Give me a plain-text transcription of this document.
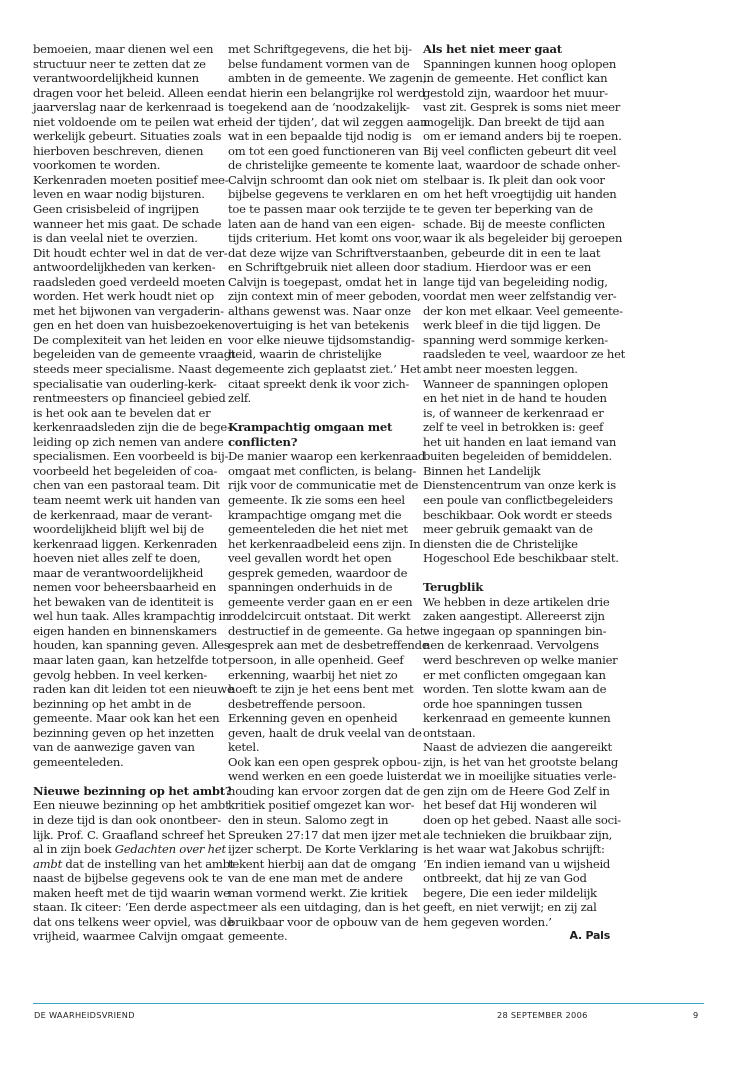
bemoeien, maar dienen wel een
structuur neer te zetten dat ze
verantwoordelijkheid kunnen
dragen voor het beleid. Alleen een
jaarverslag naar de kerkenraad is
niet voldoende om te peilen wat er
werkelijk gebeurt. Situaties zoals
hierboven beschreven, dienen
voorkomen te worden.
Kerkenraden moeten positief mee-
leven en waar nodig bijsturen.
Geen crisisbeleid of ingrijpen
wanneer het mis gaat. De schade
is dan veelal niet te overzien.
Dit houdt echter wel in dat de ver-
antwoordelijkheden van kerken-
raadsleden goed verdeeld moeten
worden. Het werk houdt niet op
met het bijwonen van vergaderin-
gen en het doen van huisbezoeken.
De complexiteit van het leiden en
begeleiden van de gemeente vraagt
steeds meer specialisme. Naast de
specialisatie van ouderling-kerk-
rentmeesters op financieel gebied
is het ook aan te bevelen dat er
kerkenraadsleden zijn die de bege-
leiding op zich nemen van andere
specialismen. Een voorbeeld is bij-
voorbeeld het begeleiden of coa-
chen van een pastoraal team. Dit
team neemt werk uit handen van
de kerkenraad, maar de verant-
woordelijkheid blijft wel bij de
kerkenraad liggen. Kerkenraden
hoeven niet alles zelf te doen,
maar de verantwoordelijkheid
nemen voor beheersbaarheid en
het bewaken van de identiteit is
wel hun taak. Alles krampachtig in
eigen handen en binnenskamers
houden, kan spanning geven. Alles
maar laten gaan, kan hetzelfde tot
gevolg hebben. In veel kerken-
raden kan dit leiden tot een nieuwe
bezinning op het ambt in de
gemeente. Maar ook kan het een
bezinning geven op het inzetten
van de aanwezige gaven van
gemeenteleden.
Nieuwe bezinning op het ambt?
Een nieuwe bezinning op het ambt
in deze tijd is dan ook onontbeer-
lijk. Prof. C. Graafland schreef het
al in zijn boek Gedachten over het
ambt dat de instelling van het ambt
naast de bijbelse gegevens ook te
maken heeft met de tijd waarin we
staan. Ik citeer: ‘Een derde aspect
dat ons telkens weer opviel, was de
vrijheid, waarmee Calvijn omgaat
met Schriftgegevens, die het bij-
belse fundament vormen van de
ambten in de gemeente. We zagen,
dat hierin een belangrijke rol werd
toegekend aan de ‘noodzakelijk-
heid der tijden’, dat wil zeggen aan
wat in een bepaalde tijd nodig is
om tot een goed functioneren van
de christelijke gemeente te komen.
Calvijn schroomt dan ook niet om
bijbelse gegevens te verklaren en
toe te passen maar ook terzijde te
laten aan de hand van een eigen-
tijds criterium. Het komt ons voor,
dat deze wijze van Schriftverstaan
en Schriftgebruik niet alleen door
Calvijn is toegepast, omdat het in
zijn context min of meer geboden,
althans gewenst was. Naar onze
overtuiging is het van betekenis
voor elke nieuwe tijdsomstandig-
heid, waarin de christelijke
gemeente zich geplaatst ziet.’ Het
citaat spreekt denk ik voor zich-
zelf.
Krampachtig omgaan met
conflicten?
De manier waarop een kerkenraad
omgaat met conflicten, is belang-
rijk voor de communicatie met de
gemeente. Ik zie soms een heel
krampachtige omgang met die
gemeenteleden die het niet met
het kerkenraadbeleid eens zijn. In
veel gevallen wordt het open
gesprek gemeden, waardoor de
spanningen onderhuids in de
gemeente verder gaan en er een
roddelcircuit ontstaat. Dit werkt
destructief in de gemeente. Ga het
gesprek aan met de desbetreffende
persoon, in alle openheid. Geef
erkenning, waarbij het niet zo
hoeft te zijn je het eens bent met
desbetreffende persoon.
Erkenning geven en openheid
geven, haalt de druk veelal van de
ketel.
Ook kan een open gesprek opbou-
wend werken en een goede luister-
houding kan ervoor zorgen dat de
kritiek positief omgezet kan wor-
den in steun. Salomo zegt in
Spreuken 27:17 dat men ijzer met
ijzer scherpt. De Korte Verklaring
tekent hierbij aan dat de omgang
van de ene man met de andere
man vormend werkt. Zie kritiek
meer als een uitdaging, dan is het
bruikbaar voor de opbouw van de
gemeente.
Als het niet meer gaat
Spanningen kunnen hoog oplopen
in de gemeente. Het conflict kan
gestold zijn, waardoor het muur-
vast zit. Gesprek is soms niet meer
mogelijk. Dan breekt de tijd aan
om er iemand anders bij te roepen.
Bij veel conflicten gebeurt dit veel
te laat, waardoor de schade onher-
stelbaar is. Ik pleit dan ook voor
om het heft vroegtijdig uit handen
te geven ter beperking van de
schade. Bij de meeste conflicten
waar ik als begeleider bij geroepen
ben, gebeurde dit in een te laat
stadium. Hierdoor was er een
lange tijd van begeleiding nodig,
voordat men weer zelfstandig ver-
der kon met elkaar. Veel gemeente-
werk bleef in die tijd liggen. De
spanning werd sommige kerken-
raadsleden te veel, waardoor ze het
ambt neer moesten leggen.
Wanneer de spanningen oplopen
en het niet in de hand te houden
is, of wanneer de kerkenraad er
zelf te veel in betrokken is: geef
het uit handen en laat iemand van
buiten begeleiden of bemiddelen.
Binnen het Landelijk
Dienstencentrum van onze kerk is
een poule van conflictbegeleiders
beschikbaar. Ook wordt er steeds
meer gebruik gemaakt van de
diensten die de Christelijke
Hogeschool Ede beschikbaar stelt.
Terugblik
We hebben in deze artikelen drie
zaken aangestipt. Allereerst zijn
we ingegaan op spanningen bin-
nen de kerkenraad. Vervolgens
werd beschreven op welke manier
er met conflicten omgegaan kan
worden. Ten slotte kwam aan de
orde hoe spanningen tussen
kerkenraad en gemeente kunnen
ontstaan.
Naast de adviezen die aangereikt
zijn, is het van het grootste belang
dat we in moeilijke situaties verle-
gen zijn om de Heere God Zelf in
het besef dat Hij wonderen wil
doen op het gebed. Naast alle soci-
ale technieken die bruikbaar zijn,
is het waar wat Jakobus schrijft:
‘En indien iemand van u wijsheid
ontbreekt, dat hij ze van God
begere, Die een ieder mildelijk
geeft, en niet verwijt; en zij zal
hem gegeven worden.’
A. Pals
DE WAARHEIDSVRIEND	28 SEPTEMBER 2006	9
